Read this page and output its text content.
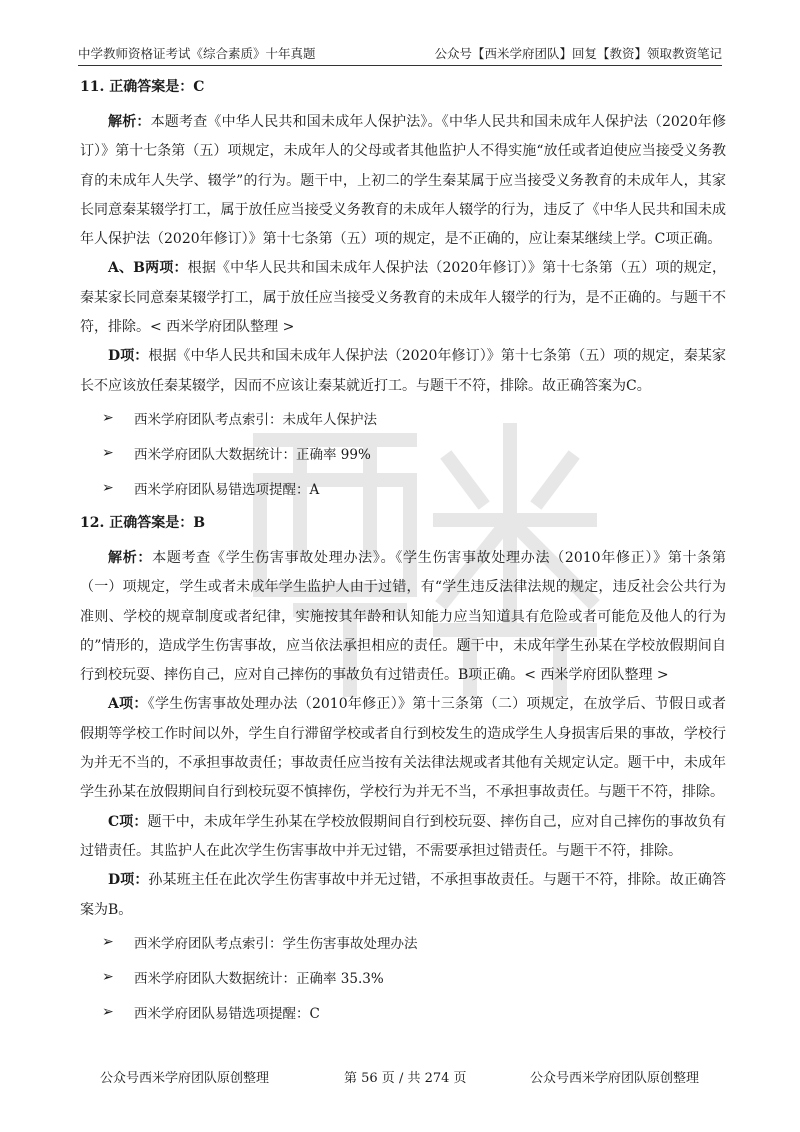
中学教师资格证考试《综合素质》十年真题	公众号【西米学府团队】回复【教资】领取教资笔记
11. 正确答案是：C

解析：本题考查《中华人民共和国未成年人保护法》。《中华人民共和国未成年人保护法（2020年修订）》第十七条第（五）项规定，未成年人的父母或者其他监护人不得实施“放任或者迫使应当接受义务教育的未成年人失学、辍学”的行为。题干中，上初二的学生秦某属于应当接受义务教育的未成年人，其家长同意秦某辍学打工，属于放任应当接受义务教育的未成年人辍学的行为，违反了《中华人民共和国未成年人保护法（2020年修订）》第十七条第（五）项的规定，是不正确的，应让秦某继续上学。C项正确。

A、B两项：根据《中华人民共和国未成年人保护法（2020年修订）》第十七条第（五）项的规定，秦某家长同意秦某辍学打工，属于放任应当接受义务教育的未成年人辍学的行为，是不正确的。与题干不符，排除。< 西米学府团队整理 >

D项：根据《中华人民共和国未成年人保护法（2020年修订）》第十七条第（五）项的规定，秦某家长不应该放任秦某辍学，因而不应该让秦某就近打工。与题干不符，排除。故正确答案为C。

➢	西米学府团队考点索引：未成年人保护法
➢	西米学府团队大数据统计：正确率 99%
➢	西米学府团队易错选项提醒：A
12. 正确答案是：B

解析：本题考查《学生伤害事故处理办法》。《学生伤害事故处理办法（2010年修正）》第十条第（一）项规定，学生或者未成年学生监护人由于过错，有“学生违反法律法规的规定，违反社会公共行为准则、学校的规章制度或者纪律，实施按其年龄和认知能力应当知道具有危险或者可能危及他人的行为的”情形的，造成学生伤害事故，应当依法承担相应的责任。题干中，未成年学生孙某在学校放假期间自行到校玩耍、摔伤自己，应对自己摔伤的事故负有过错责任。B项正确。< 西米学府团队整理 >

A项：《学生伤害事故处理办法（2010年修正）》第十三条第（二）项规定，在放学后、节假日或者假期等学校工作时间以外，学生自行滞留学校或者自行到校发生的造成学生人身损害后果的事故，学校行为并无不当的，不承担事故责任；事故责任应当按有关法律法规或者其他有关规定认定。题干中，未成年学生孙某在放假期间自行到校玩耍不慎摔伤，学校行为并无不当，不承担事故责任。与题干不符，排除。

C项：题干中，未成年学生孙某在学校放假期间自行到校玩耍、摔伤自己，应对自己摔伤的事故负有过错责任。其监护人在此次学生伤害事故中并无过错，不需要承担过错责任。与题干不符，排除。

D项：孙某班主任在此次学生伤害事故中并无过错，不承担事故责任。与题干不符，排除。故正确答案为B。

➢	西米学府团队考点索引：学生伤害事故处理办法
➢	西米学府团队大数据统计：正确率 35.3%
➢	西米学府团队易错选项提醒：C
公众号西米学府团队原创整理	第 56 页 / 共 274 页	公众号西米学府团队原创整理
